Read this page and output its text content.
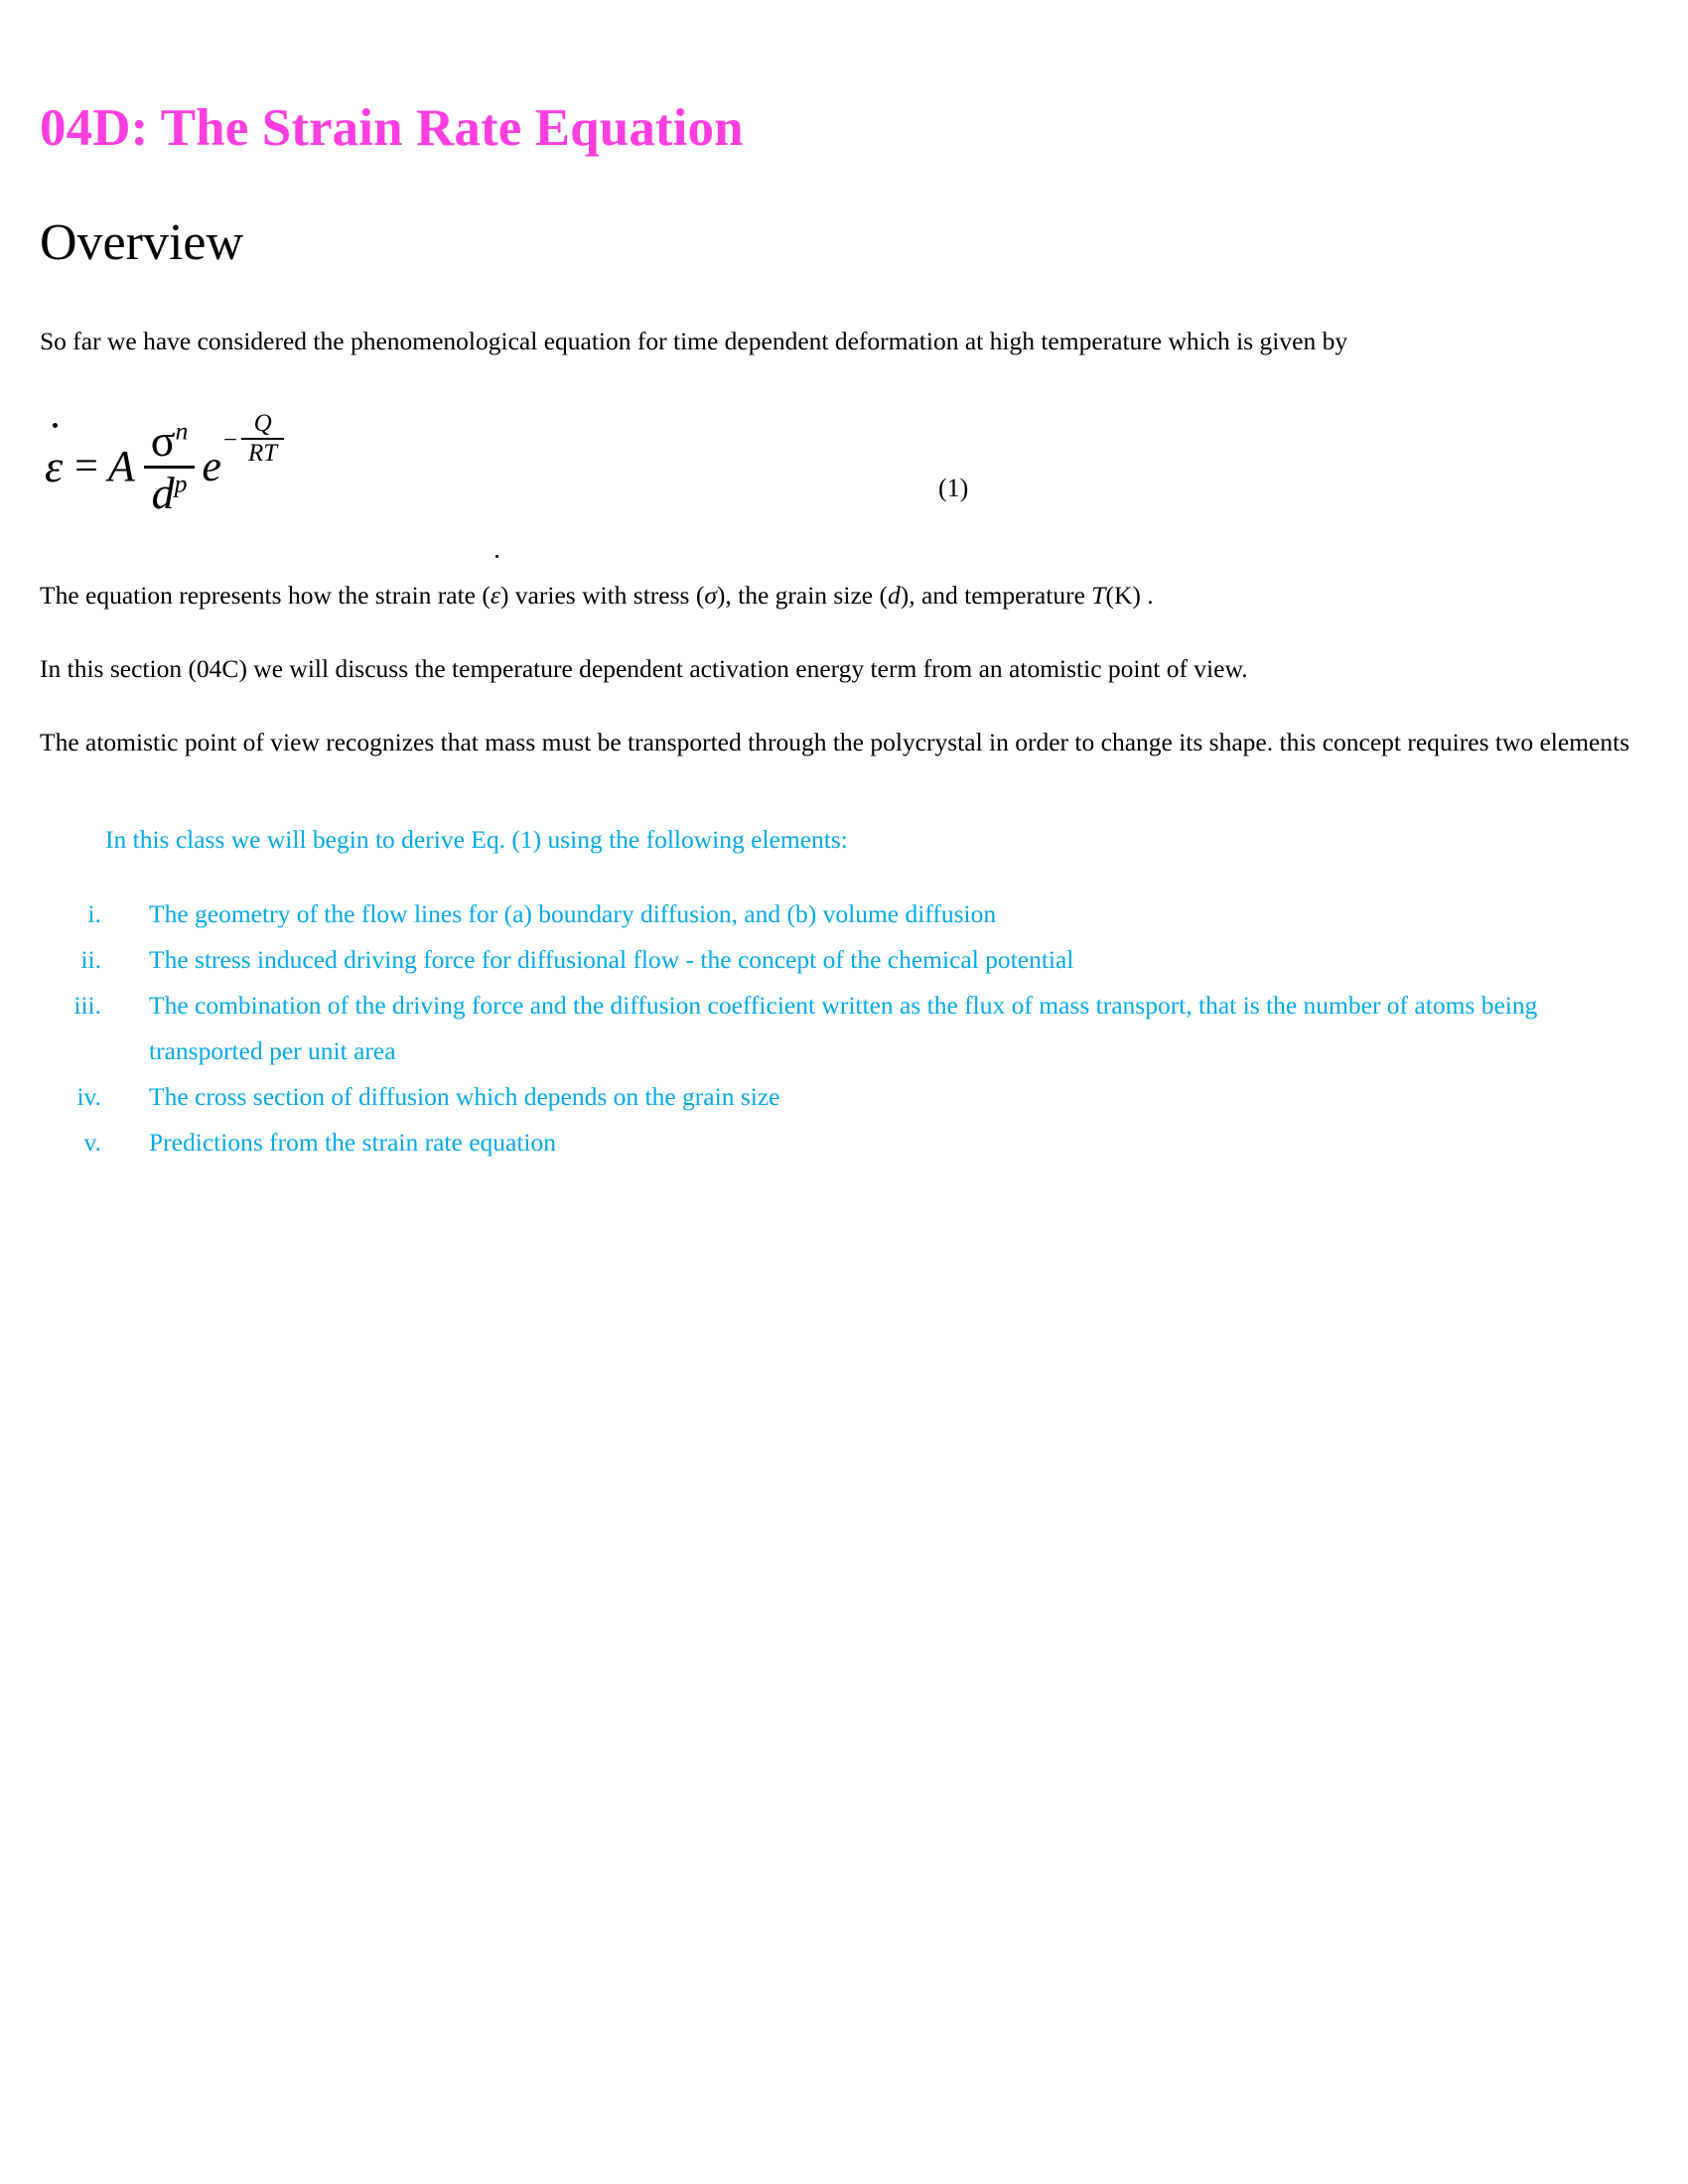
04D: The Strain Rate Equation
Overview

So far we have considered the phenomenological equation for time dependent deformation at high temperature which is given by

ε = A $\frac{\sigma^n}{d^p}$ e
− $\frac{Q}{RT}$
(1)

The equation represents how the strain rate (
ε) varies with stress (σ), the grain size (d), and temperature T(K) .

In this section (04C) we will discuss the temperature dependent activation energy term from an atomistic point of view.

The atomistic point of view recognizes that mass must be transported through the polycrystal in order to change its shape. this concept requires two elements

In this class we will begin to derive Eq. (1) using the following elements:

i. The geometry of the flow lines for (a) boundary diffusion, and (b) volume diffusion
ii. The stress induced driving force for diffusional flow - the concept of the chemical potential
iii. The combination of the driving force and the diffusion coefficient written as the flux of mass transport, that is the number of atoms being transported per unit area
iv. The cross section of diffusion which depends on the grain size
v. Predictions from the strain rate equation
